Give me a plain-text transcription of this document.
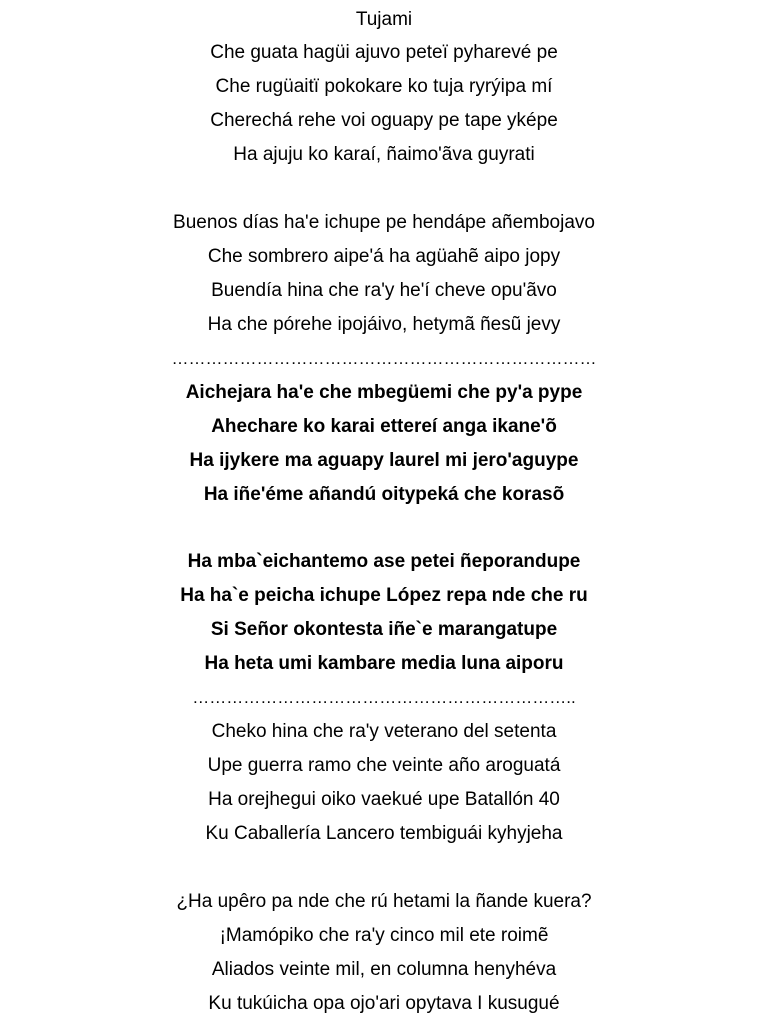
Tujami
Che guata hagüi ajuvo peteï pyharevé pe
Che rugüaitï pokokare ko tuja ryrýipa mí
Cherechá rehe voi oguapy pe tape yképe
Ha ajuju ko karaí, ñaimo'ãva guyrati
Buenos días ha'e ichupe pe hendápe añembojavo
Che sombrero aipe'á ha agüahẽ aipo jopy
Buendía hina che ra'y he'í cheve opu'ãvo
Ha che pórehe ipojáivo, hetymã ñesũ jevy
…………………………………………………………………
Aichejara ha'e che mbegüemi che py'a pype
Ahechare ko karai ettereí anga ikane'õ
Ha ijykere ma aguapy laurel mi jero'aguype
Ha iñe'éme añandú oitypeká che korasõ
Ha mba`eichantemo ase petei ñeporandupe
Ha ha`e peicha ichupe López repa nde che ru
Si Señor okontesta iñe`e marangatupe
Ha heta umi kambare media luna aiporu
…………………………………………………………..
Cheko hina che ra'y veterano del setenta
Upe guerra ramo che veinte año aroguatá
Ha orejhegui oiko vaekué upe Batallón 40
Ku Caballería Lancero tembiguái kyhyjeha
¿Ha upêro pa nde che rú hetami la ñande kuera?
¡Mamópiko che ra'y cinco mil ete roimẽ
Aliados veinte mil, en columna henyhéva
Ku tukúicha opa ojo'ari opytava I kusugué
